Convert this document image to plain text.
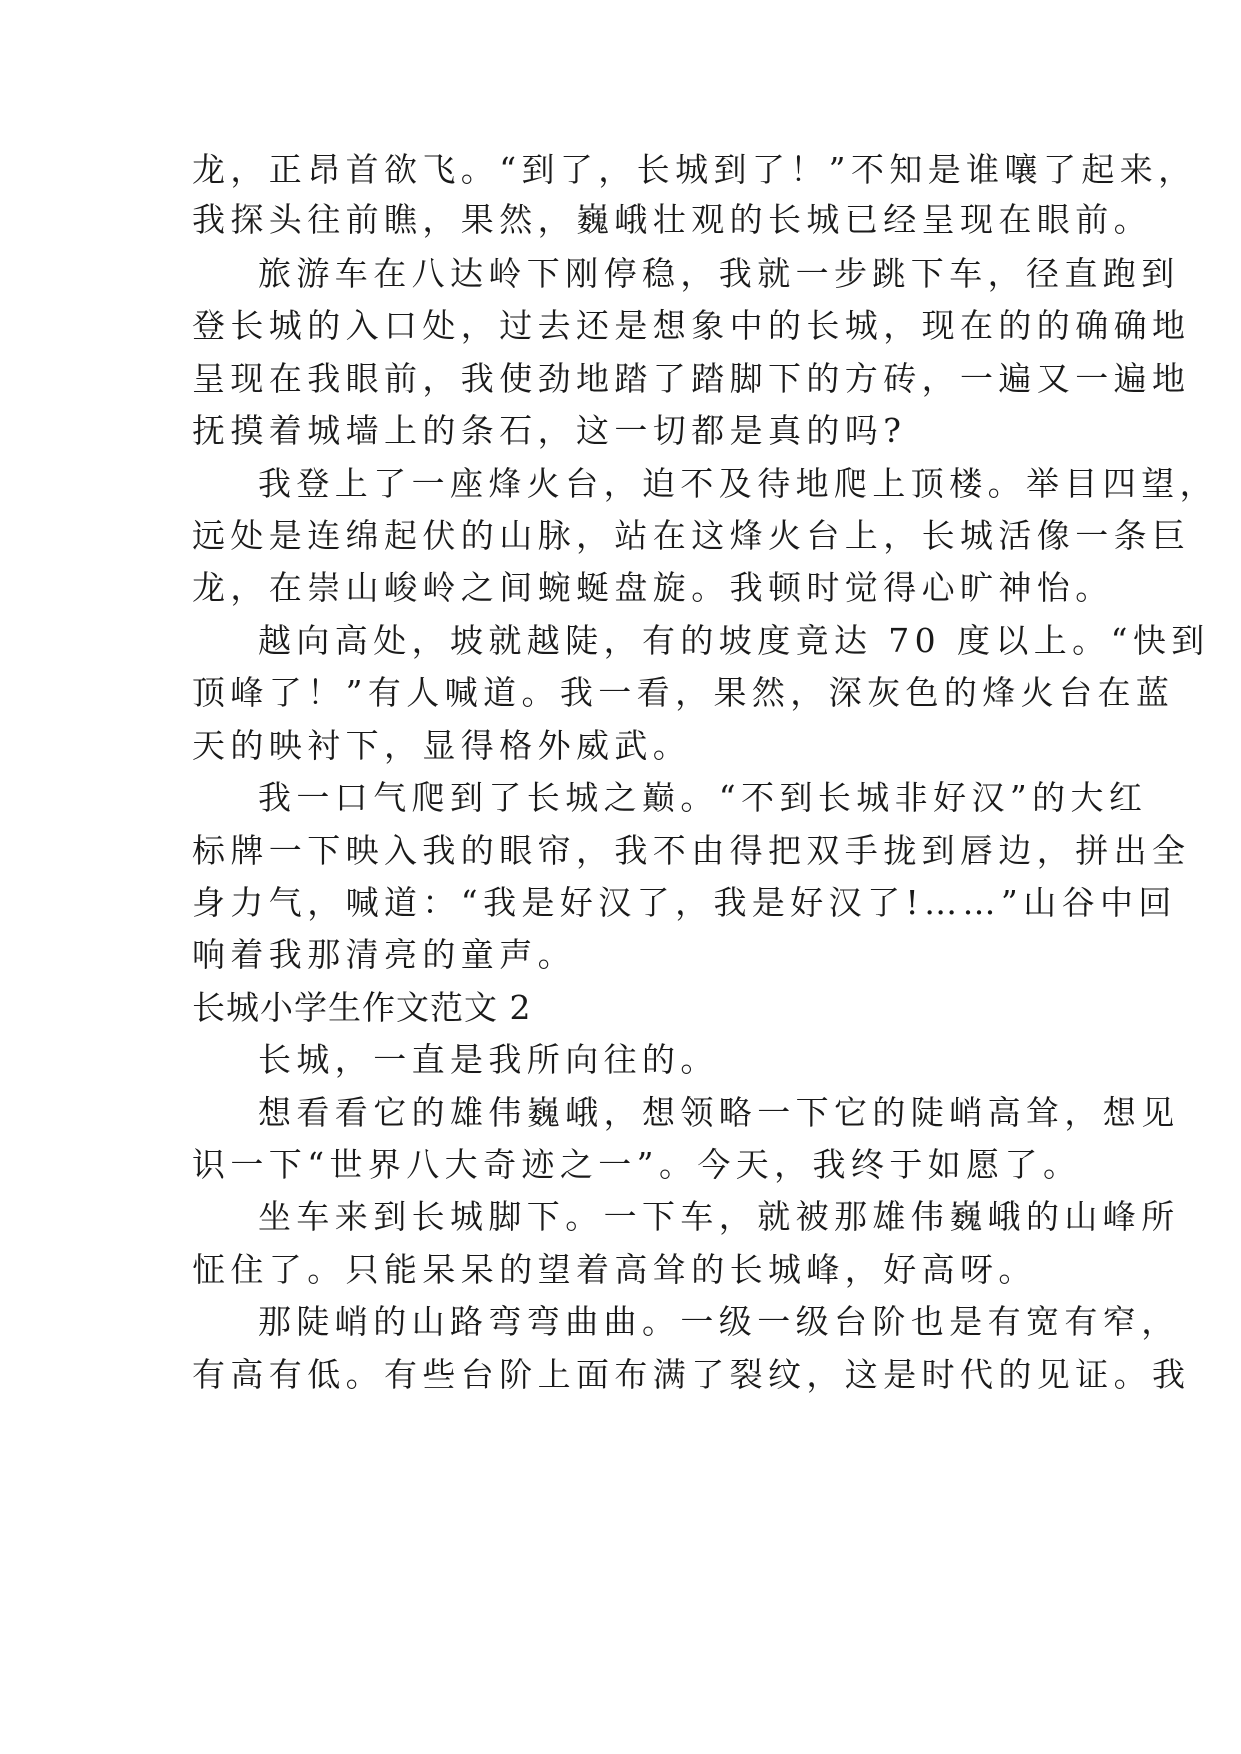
龙，正昂首欲飞。“到了，长城到了！”不知是谁嚷了起来，
我探头往前瞧，果然，巍峨壮观的长城已经呈现在眼前。
旅游车在八达岭下刚停稳，我就一步跳下车，径直跑到
登长城的入口处，过去还是想象中的长城，现在的的确确地
呈现在我眼前，我使劲地踏了踏脚下的方砖，一遍又一遍地
抚摸着城墙上的条石，这一切都是真的吗?
我登上了一座烽火台，迫不及待地爬上顶楼。举目四望，
远处是连绵起伏的山脉，站在这烽火台上，长城活像一条巨
龙，在崇山峻岭之间蜿蜒盘旋。我顿时觉得心旷神怡。
越向高处，坡就越陡，有的坡度竟达 70 度以上。“快到
顶峰了！”有人喊道。我一看，果然，深灰色的烽火台在蓝
天的映衬下，显得格外威武。
我一口气爬到了长城之巅。“不到长城非好汉”的大红
标牌一下映入我的眼帘，我不由得把双手拢到唇边，拼出全
身力气，喊道：“我是好汉了，我是好汉了!……”山谷中回
响着我那清亮的童声。
长城小学生作文范文 2
长城，一直是我所向往的。
想看看它的雄伟巍峨，想领略一下它的陡峭高耸，想见
识一下“世界八大奇迹之一”。今天，我终于如愿了。
坐车来到长城脚下。一下车，就被那雄伟巍峨的山峰所
怔住了。只能呆呆的望着高耸的长城峰，好高呀。
那陡峭的山路弯弯曲曲。一级一级台阶也是有宽有窄，
有高有低。有些台阶上面布满了裂纹，这是时代的见证。我
